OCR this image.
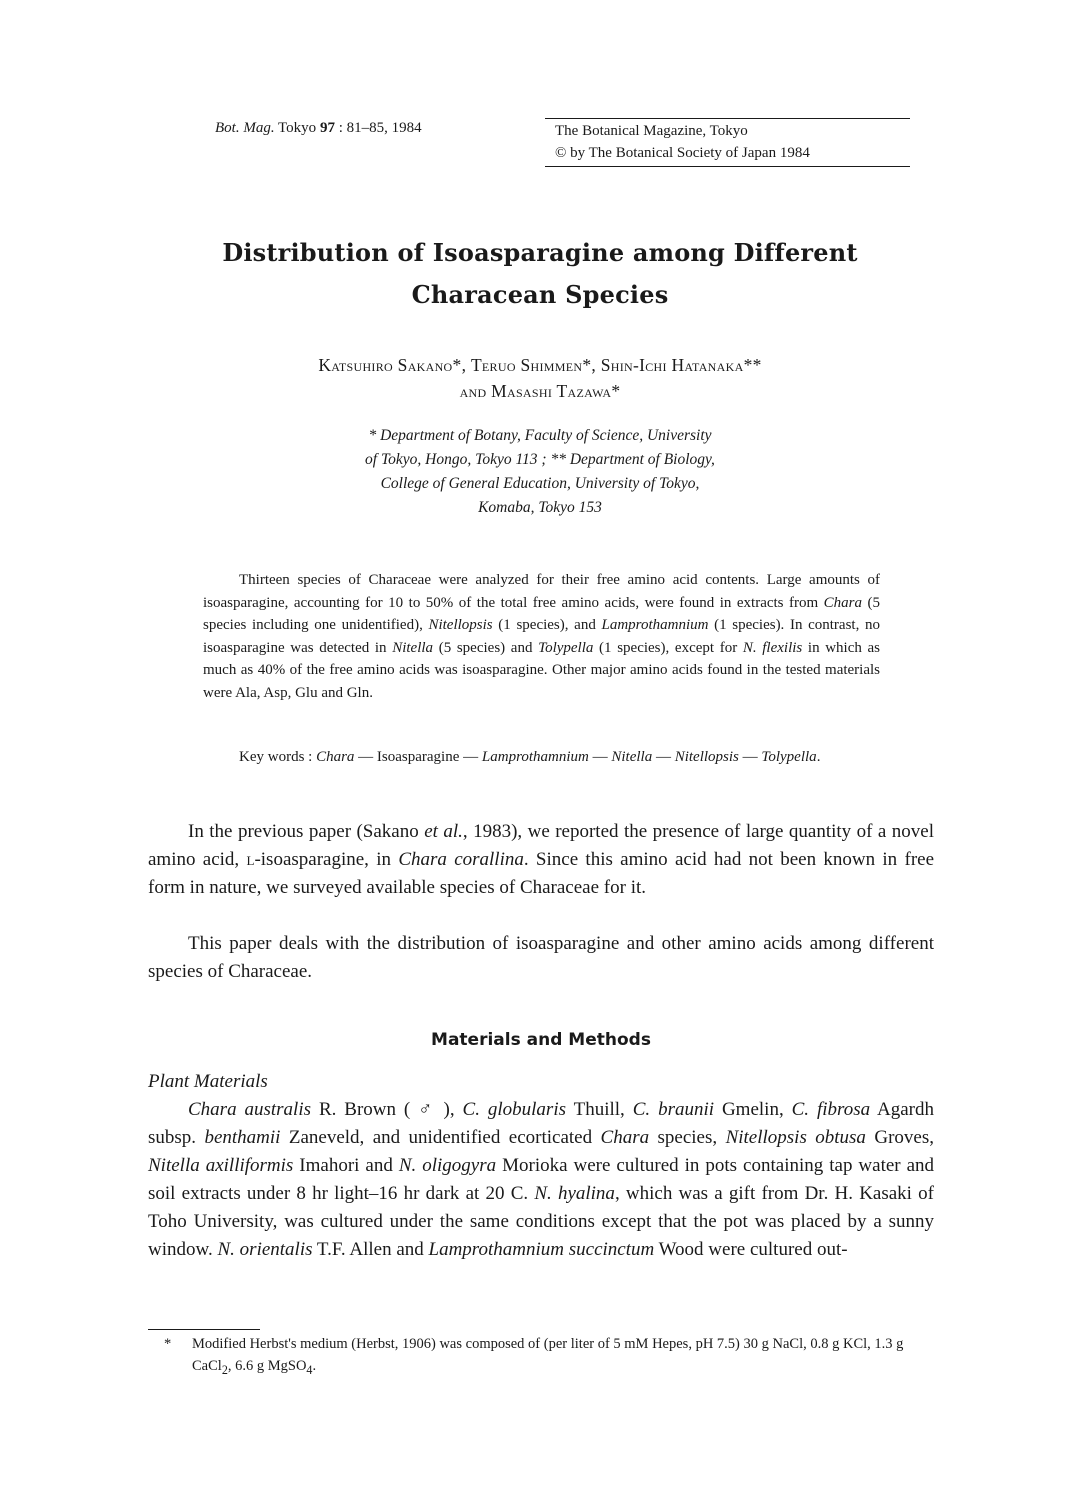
Bot. Mag. Tokyo 97 : 81–85, 1984	The Botanical Magazine, Tokyo
© by The Botanical Society of Japan 1984
Distribution of Isoasparagine among Different
Characean Species
Katsuhiro Sakano*, Teruo Shimmen*, Shin-Ichi Hatanaka**
and Masashi Tazawa*
* Department of Botany, Faculty of Science, University
of Tokyo, Hongo, Tokyo 113 ; ** Department of Biology,
College of General Education, University of Tokyo,
Komaba, Tokyo 153
Thirteen species of Characeae were analyzed for their free amino acid contents. Large amounts of isoasparagine, accounting for 10 to 50% of the total free amino acids, were found in extracts from Chara (5 species including one unidentified), Nitellopsis (1 species), and Lamprothamnium (1 species). In contrast, no isoasparagine was detected in Nitella (5 species) and Tolypella (1 species), except for N. flexilis in which as much as 40% of the free amino acids was isoasparagine. Other major amino acids found in the tested materials were Ala, Asp, Glu and Gln.
Key words : Chara — Isoasparagine — Lamprothamnium — Nitella — Nitellopsis — Tolypella.
In the previous paper (Sakano et al., 1983), we reported the presence of large quantity of a novel amino acid, l-isoasparagine, in Chara corallina. Since this amino acid had not been known in free form in nature, we surveyed available species of Characeae for it.
This paper deals with the distribution of isoasparagine and other amino acids among different species of Characeae.
Materials and Methods
Plant Materials
Chara australis R. Brown ( ♂ ), C. globularis Thuill, C. braunii Gmelin, C. fibrosa Agardh subsp. benthamii Zaneveld, and unidentified ecorticated Chara species, Nitellopsis obtusa Groves, Nitella axilliformis Imahori and N. oligogyra Morioka were cultured in pots containing tap water and soil extracts under 8 hr light–16 hr dark at 20 C. N. hyalina, which was a gift from Dr. H. Kasaki of Toho University, was cultured under the same conditions except that the pot was placed by a sunny window. N. orientalis T.F. Allen and Lamprothamnium succinctum Wood were cultured out-
*	Modified Herbst's medium (Herbst, 1906) was composed of (per liter of 5 mM Hepes, pH 7.5) 30 g NaCl, 0.8 g KCl, 1.3 g CaCl$_2$, 6.6 g MgSO$_4$.
